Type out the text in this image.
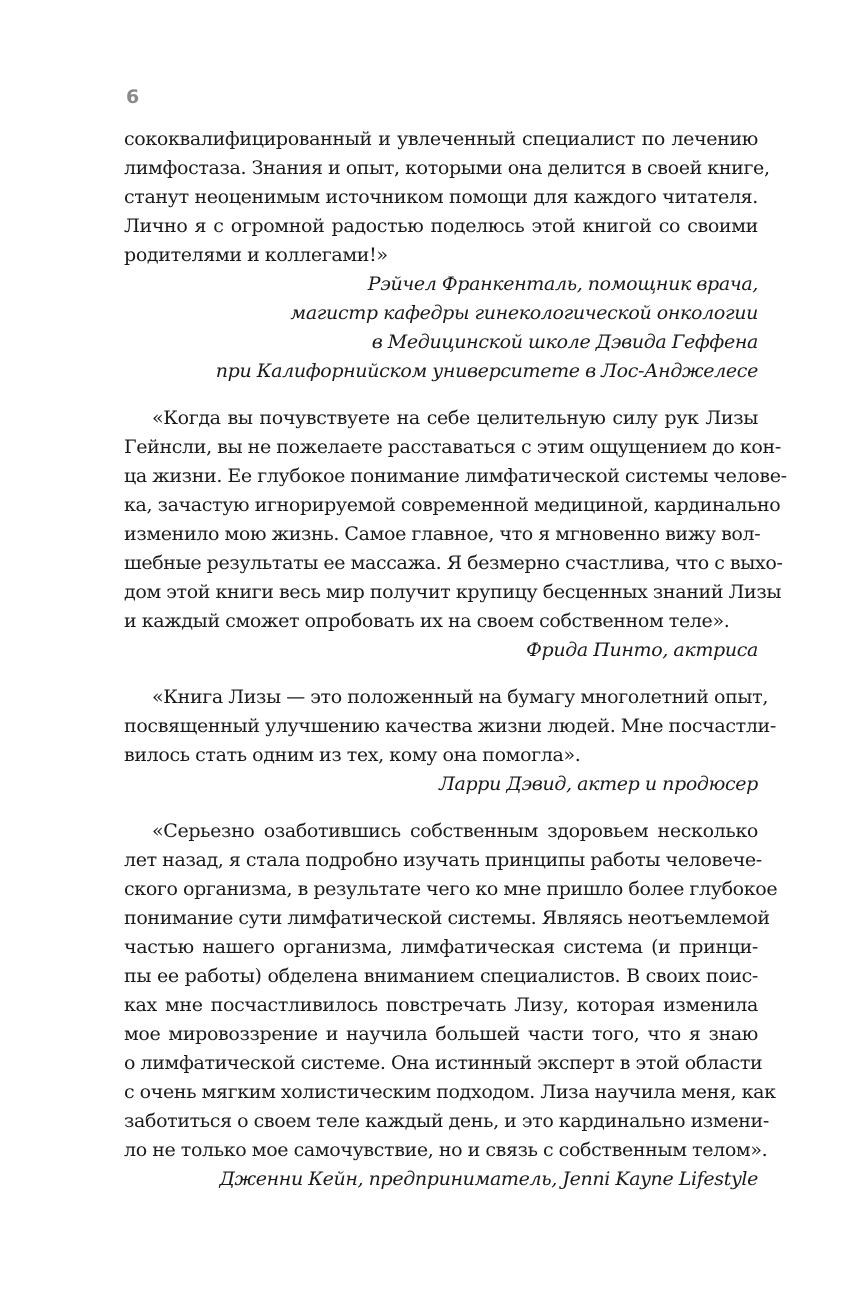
6
сококвалифицированный и увлеченный специалист по лечению
лимфостаза. Знания и опыт, которыми она делится в своей книге,
станут неоценимым источником помощи для каждого читателя.
Лично я с огромной радостью поделюсь этой книгой со своими
родителями и коллегами!»
Рэйчел Франкенталь, помощник врача,
магистр кафедры гинекологической онкологии
в Медицинской школе Дэвида Геффена
при Калифорнийском университете в Лос-Анджелесе
«Когда вы почувствуете на себе целительную силу рук Лизы
Гейнсли, вы не пожелаете расставаться с этим ощущением до кон-
ца жизни. Ее глубокое понимание лимфатической системы челове-
ка, зачастую игнорируемой современной медициной, кардинально
изменило мою жизнь. Самое главное, что я мгновенно вижу вол-
шебные результаты ее массажа. Я безмерно счастлива, что с выхо-
дом этой книги весь мир получит крупицу бесценных знаний Лизы
и каждый сможет опробовать их на своем собственном теле».
Фрида Пинто, актриса
«Книга Лизы — это положенный на бумагу многолетний опыт,
посвященный улучшению качества жизни людей. Мне посчастли-
вилось стать одним из тех, кому она помогла».
Ларри Дэвид, актер и продюсер
«Серьезно озаботившись собственным здоровьем несколько
лет назад, я стала подробно изучать принципы работы человече-
ского организма, в результате чего ко мне пришло более глубокое
понимание сути лимфатической системы. Являясь неотъемлемой
частью нашего организма, лимфатическая система (и принци-
пы ее работы) обделена вниманием специалистов. В своих поис-
ках мне посчастливилось повстречать Лизу, которая изменила
мое мировоззрение и научила большей части того, что я знаю
о лимфатической системе. Она истинный эксперт в этой области
с очень мягким холистическим подходом. Лиза научила меня, как
заботиться о своем теле каждый день, и это кардинально измени-
ло не только мое самочувствие, но и связь с собственным телом».
Дженни Кейн, предприниматель, Jenni Kayne Lifestyle
